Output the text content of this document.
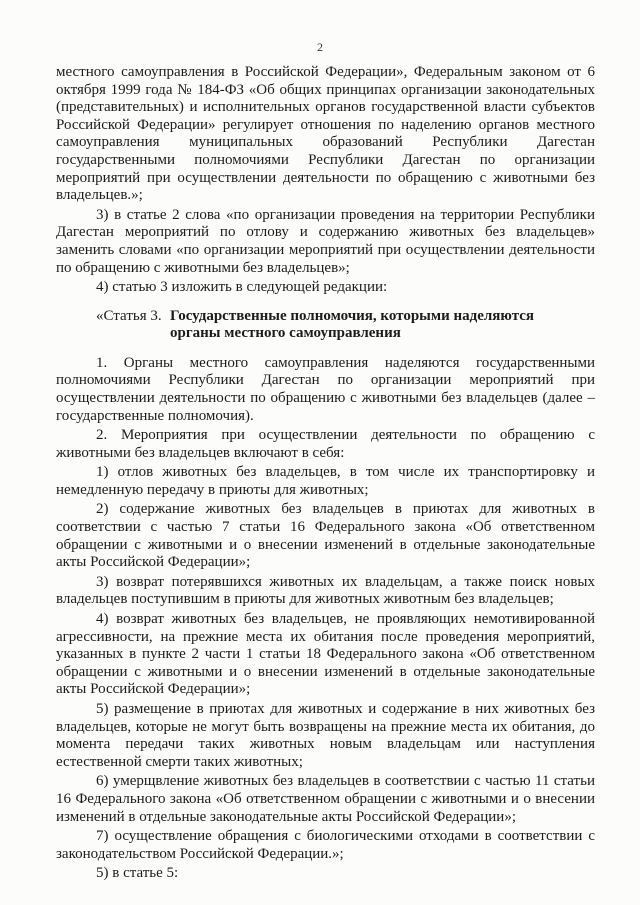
2

местного самоуправления в Российской Федерации», Федеральным законом от 6 октября 1999 года № 184-ФЗ «Об общих принципах организации законодательных (представительных) и исполнительных органов государственной власти субъектов Российской Федерации» регулирует отношения по наделению органов местного самоуправления муниципальных образований Республики Дагестан государственными полномочиями Республики Дагестан по организации мероприятий при осуществлении деятельности по обращению с животными без владельцев.»;

3) в статье 2 слова «по организации проведения на территории Республики Дагестан мероприятий по отлову и содержанию животных без владельцев» заменить словами «по организации мероприятий при осуществлении деятельности по обращению с животными без владельцев»;

4) статью 3 изложить в следующей редакции:

«Статья 3. Государственные полномочия, которыми наделяются
органы местного самоуправления

1. Органы местного самоуправления наделяются государственными полномочиями Республики Дагестан по организации мероприятий при осуществлении деятельности по обращению с животными без владельцев (далее – государственные полномочия).

2. Мероприятия при осуществлении деятельности по обращению с животными без владельцев включают в себя:

1) отлов животных без владельцев, в том числе их транспортировку и немедленную передачу в приюты для животных;

2) содержание животных без владельцев в приютах для животных в соответствии с частью 7 статьи 16 Федерального закона «Об ответственном обращении с животными и о внесении изменений в отдельные законодательные акты Российской Федерации»;

3) возврат потерявшихся животных их владельцам, а также поиск новых владельцев поступившим в приюты для животных животным без владельцев;

4) возврат животных без владельцев, не проявляющих немотивированной агрессивности, на прежние места их обитания после проведения мероприятий, указанных в пункте 2 части 1 статьи 18 Федерального закона «Об ответственном обращении с животными и о внесении изменений в отдельные законодательные акты Российской Федерации»;

5) размещение в приютах для животных и содержание в них животных без владельцев, которые не могут быть возвращены на прежние места их обитания, до момента передачи таких животных новым владельцам или наступления естественной смерти таких животных;

6) умерщвление животных без владельцев в соответствии с частью 11 статьи 16 Федерального закона «Об ответственном обращении с животными и о внесении изменений в отдельные законодательные акты Российской Федерации»;

7) осуществление обращения с биологическими отходами в соответствии с законодательством Российской Федерации.»;

5) в статье 5:
